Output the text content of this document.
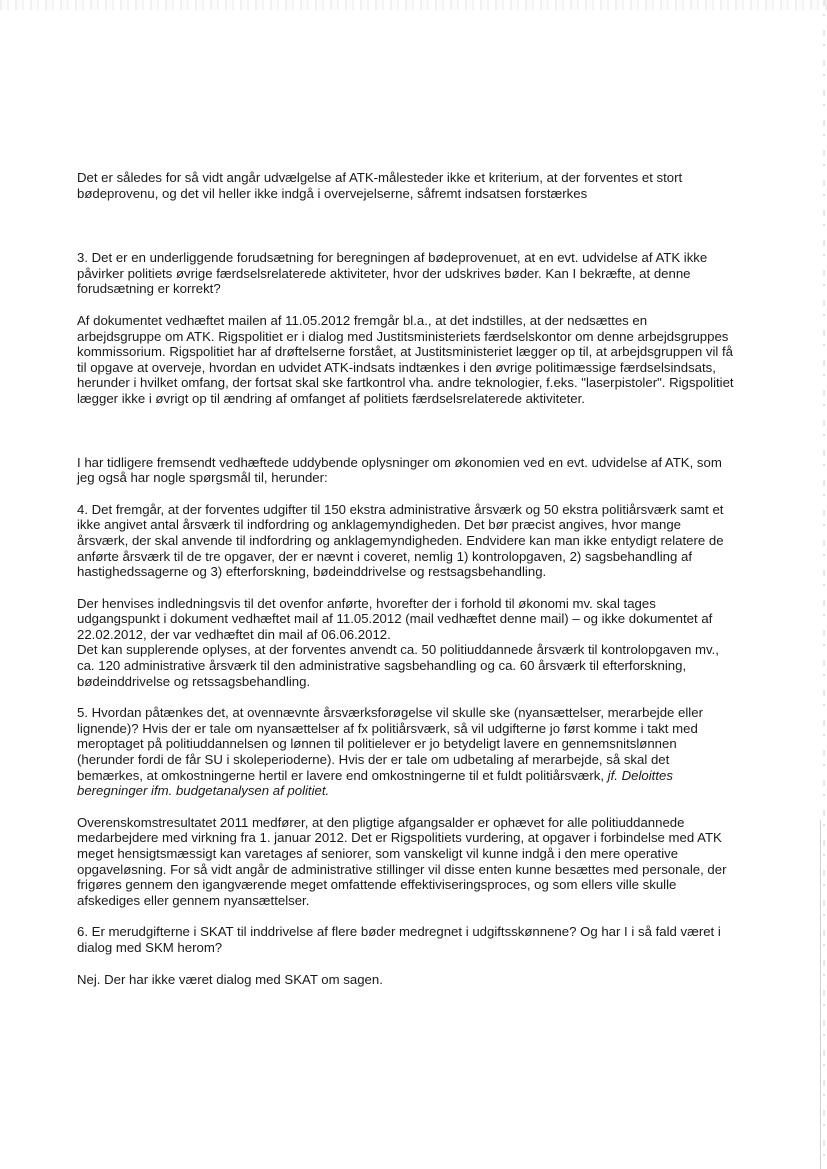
Det er således for så vidt angår udvælgelse af ATK-målesteder ikke et kriterium, at der forventes et stort
bødeprovenu, og det vil heller ikke indgå i overvejelserne, såfremt indsatsen forstærkes

3. Det er en underliggende forudsætning for beregningen af bødeprovenuet, at en evt. udvidelse af ATK ikke
påvirker politiets øvrige færdselsrelaterede aktiviteter, hvor der udskrives bøder. Kan I bekræfte, at denne
forudsætning er korrekt?

Af dokumentet vedhæftet mailen af 11.05.2012 fremgår bl.a., at det indstilles, at der nedsættes en
arbejdsgruppe om ATK. Rigspolitiet er i dialog med Justitsministeriets færdselskontor om denne arbejdsgruppes
kommissorium. Rigspolitiet har af drøftelserne forstået, at Justitsministeriet lægger op til, at arbejdsgruppen vil få
til opgave at overveje, hvordan en udvidet ATK-indsats indtænkes i den øvrige politimæssige færdselsindsats,
herunder i hvilket omfang, der fortsat skal ske fartkontrol vha. andre teknologier, f.eks. "laserpistoler". Rigspolitiet
lægger ikke i øvrigt op til ændring af omfanget af politiets færdselsrelaterede aktiviteter.

I har tidligere fremsendt vedhæftede uddybende oplysninger om økonomien ved en evt. udvidelse af ATK, som
jeg også har nogle spørgsmål til, herunder:

4. Det fremgår, at der forventes udgifter til 150 ekstra administrative årsværk og 50 ekstra politiårsværk samt et
ikke angivet antal årsværk til indfordring og anklagemyndigheden. Det bør præcist angives, hvor mange
årsværk, der skal anvende til indfordring og anklagemyndigheden. Endvidere kan man ikke entydigt relatere de
anførte årsværk til de tre opgaver, der er nævnt i coveret, nemlig 1) kontrolopgaven, 2) sagsbehandling af
hastighedssagerne og 3) efterforskning, bødeinddrivelse og restsagsbehandling.

Der henvises indledningsvis til det ovenfor anførte, hvorefter der i forhold til økonomi mv. skal tages
udgangspunkt i dokument vedhæftet mail af 11.05.2012 (mail vedhæftet denne mail) – og ikke dokumentet af
22.02.2012, der var vedhæftet din mail af 06.06.2012.
Det kan supplerende oplyses, at der forventes anvendt ca. 50 politiuddannede årsværk til kontrolopgaven mv.,
ca. 120 administrative årsværk til den administrative sagsbehandling og ca. 60 årsværk til efterforskning,
bødeinddrivelse og retssagsbehandling.

5. Hvordan påtænkes det, at ovennævnte årsværksforøgelse vil skulle ske (nyansættelser, merarbejde eller
lignende)? Hvis der er tale om nyansættelser af fx politiårsværk, så vil udgifterne jo først komme i takt med
meroptaget på politiuddannelsen og lønnen til politielever er jo betydeligt lavere en gennemsnitslønnen
(herunder fordi de får SU i skoleperioderne). Hvis der er tale om udbetaling af merarbejde, så skal det
bemærkes, at omkostningerne hertil er lavere end omkostningerne til et fuldt politiårsværk, jf. Deloittes
beregninger ifm. budgetanalysen af politiet.

Overenskomstresultatet 2011 medfører, at den pligtige afgangsalder er ophævet for alle politiuddannede
medarbejdere med virkning fra 1. januar 2012. Det er Rigspolitiets vurdering, at opgaver i forbindelse med ATK
meget hensigtsmæssigt kan varetages af seniorer, som vanskeligt vil kunne indgå i den mere operative
opgaveløsning. For så vidt angår de administrative stillinger vil disse enten kunne besættes med personale, der
frigøres gennem den igangværende meget omfattende effektiviseringsproces, og som ellers ville skulle
afskediges eller gennem nyansættelser.

6. Er merudgifterne i SKAT til inddrivelse af flere bøder medregnet i udgiftsskønnene? Og har I i så fald været i
dialog med SKM herom?

Nej. Der har ikke været dialog med SKAT om sagen.
